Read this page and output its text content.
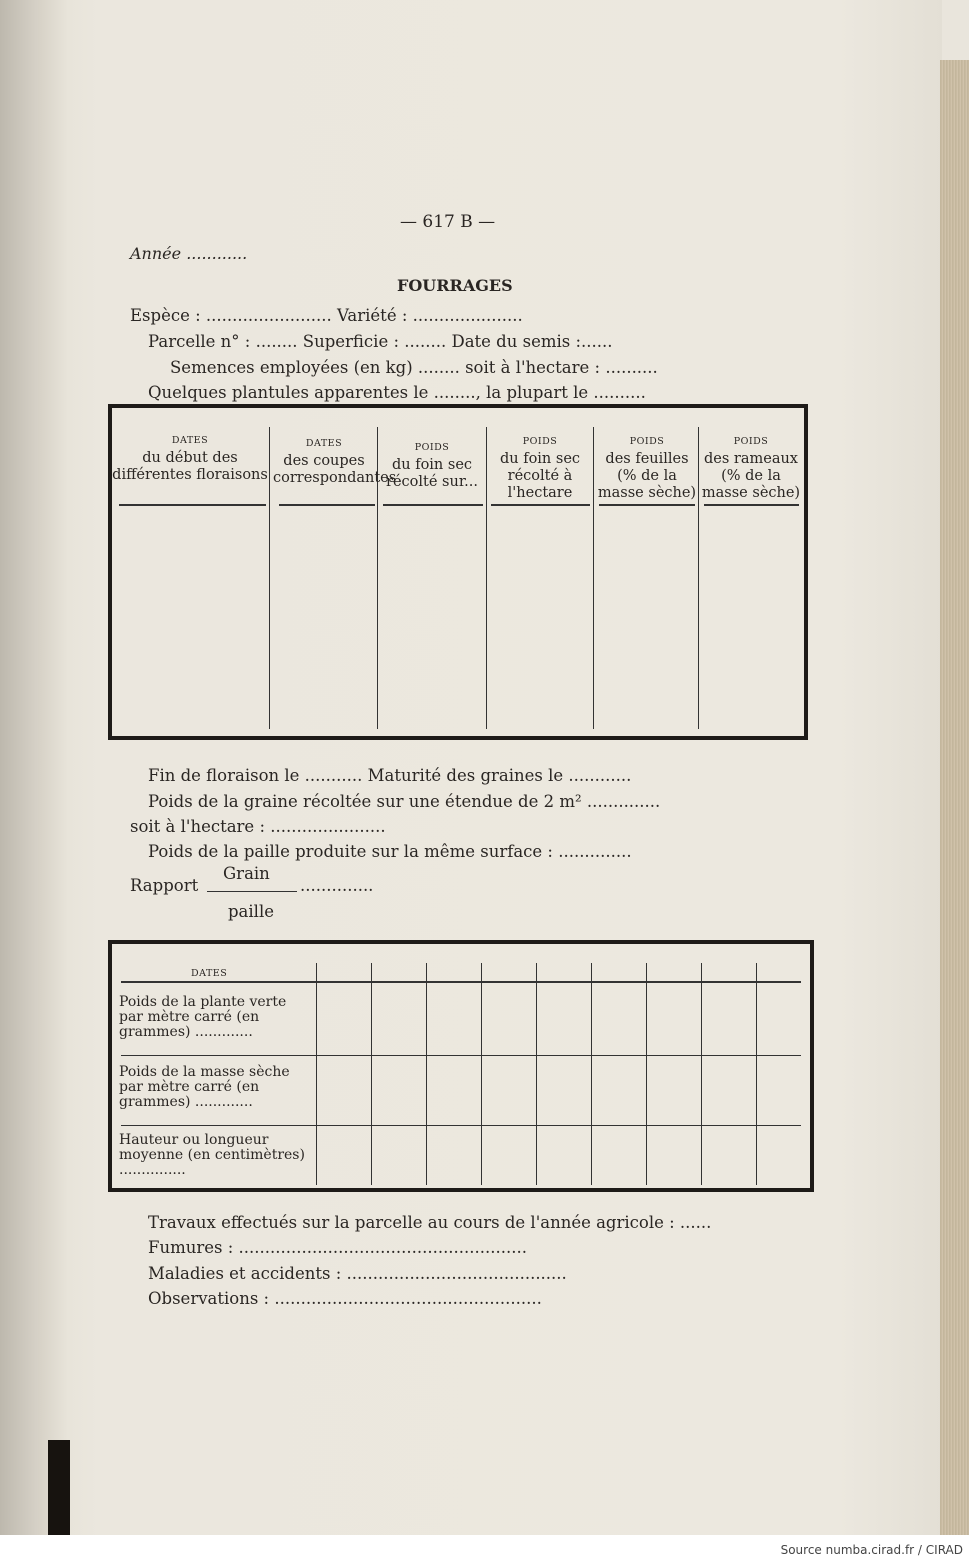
— 617 B —
Année ............
FOURRAGES
Espèce : ........................ Variété : .....................
Parcelle n° : ........ Superficie : ........ Date du semis :......
Semences employées (en kg) ........ soit à l'hectare : ..........
Quelques plantules apparentes le ........, la plupart le ..........
DATES
du début des différentes floraisons
DATES
des coupes correspondantes
POIDS
du foin sec récolté sur...
POIDS
du foin sec récolté à l'hectare
POIDS
des feuilles (% de la masse sèche)
POIDS
des rameaux (% de la masse sèche)
Fin de floraison le ........... Maturité des graines le ............
Poids de la graine récoltée sur une étendue de 2 m² ..............
soit à l'hectare : ......................
Poids de la paille produite sur la même surface : ..............
Grain
Rapport	..............
paille
DATES
Poids de la plante verte par mètre carré (en grammes) .............
Poids de la masse sèche par mètre carré (en grammes) .............
Hauteur ou longueur moyenne (en centimètres) ...............
Travaux effectués sur la parcelle au cours de l'année agricole : ......
Fumures : .......................................................
Maladies et accidents : ..........................................
Observations : ...................................................
Source numba.cirad.fr / CIRAD
